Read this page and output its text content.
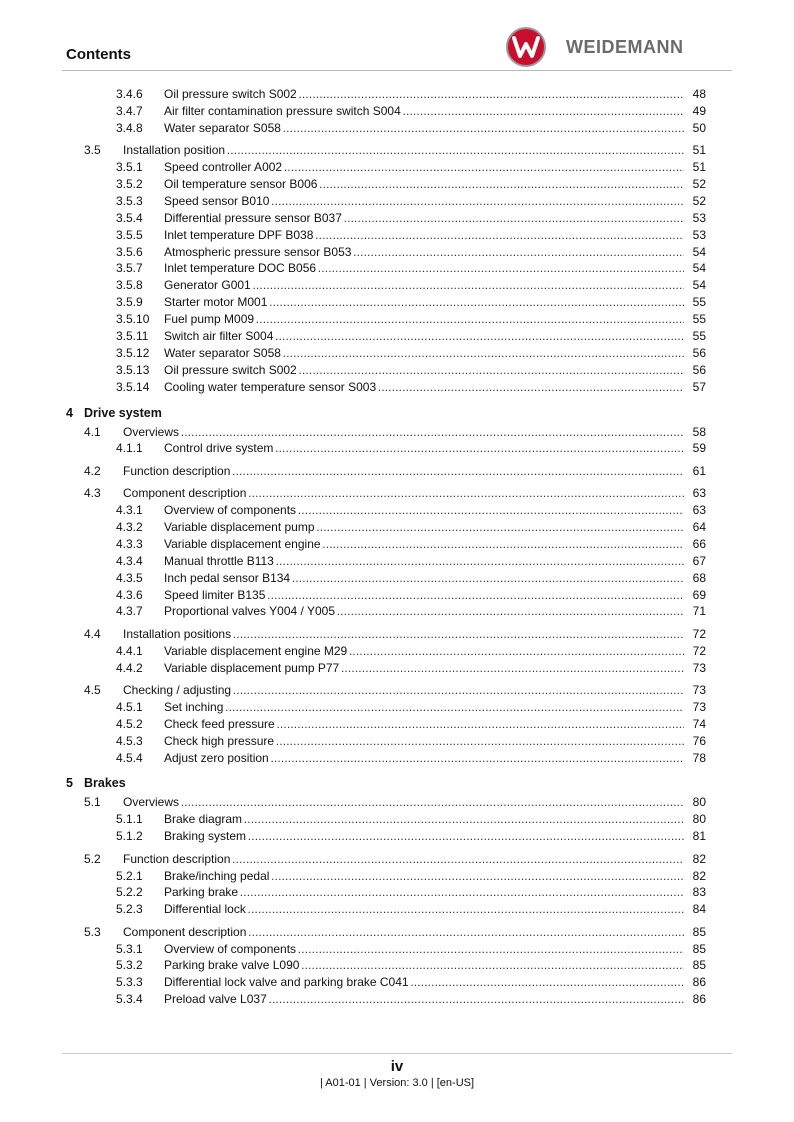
Contents	WEIDEMANN
3.4.6 Oil pressure switch S002 . . .	48
3.4.7 Air filter contamination pressure switch S004 . . .	49
3.4.8 Water separator S058 . . .	50
3.5 Installation position . . .	51
3.5.1 Speed controller A002 . . .	51
3.5.2 Oil temperature sensor B006 . . .	52
3.5.3 Speed sensor B010 . . .	52
3.5.4 Differential pressure sensor B037 . . .	53
3.5.5 Inlet temperature DPF B038 . . .	53
3.5.6 Atmospheric pressure sensor B053 . . .	54
3.5.7 Inlet temperature DOC B056 . . .	54
3.5.8 Generator G001 . . .	54
3.5.9 Starter motor M001 . . .	55
3.5.10 Fuel pump M009 . . .	55
3.5.11 Switch air filter S004 . . .	55
3.5.12 Water separator S058 . . .	56
3.5.13 Oil pressure switch S002 . . .	56
3.5.14 Cooling water temperature sensor S003 . . .	57
4 Drive system
4.1 Overviews . . .	58
4.1.1 Control drive system . . .	59
4.2 Function description . . .	61
4.3 Component description . . .	63
4.3.1 Overview of components . . .	63
4.3.2 Variable displacement pump . . .	64
4.3.3 Variable displacement engine . . .	66
4.3.4 Manual throttle B113 . . .	67
4.3.5 Inch pedal sensor B134 . . .	68
4.3.6 Speed limiter B135 . . .	69
4.3.7 Proportional valves Y004 / Y005 . . .	71
4.4 Installation positions . . .	72
4.4.1 Variable displacement engine M29 . . .	72
4.4.2 Variable displacement pump P77 . . .	73
4.5 Checking / adjusting . . .	73
4.5.1 Set inching . . .	73
4.5.2 Check feed pressure . . .	74
4.5.3 Check high pressure . . .	76
4.5.4 Adjust zero position . . .	78
5 Brakes
5.1 Overviews . . .	80
5.1.1 Brake diagram . . .	80
5.1.2 Braking system . . .	81
5.2 Function description . . .	82
5.2.1 Brake/inching pedal . . .	82
5.2.2 Parking brake . . .	83
5.2.3 Differential lock . . .	84
5.3 Component description . . .	85
5.3.1 Overview of components . . .	85
5.3.2 Parking brake valve L090 . . .	85
5.3.3 Differential lock valve and parking brake C041 . . .	86
5.3.4 Preload valve L037 . . .	86
iv
| A01-01 | Version: 3.0 | [en-US]
